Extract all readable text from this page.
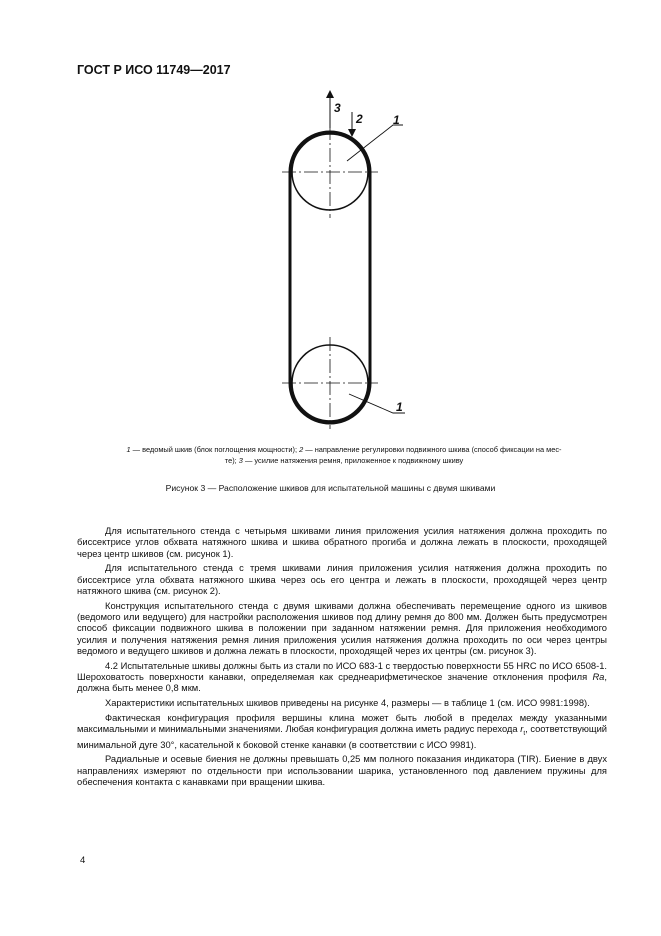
ГОСТ Р ИСО 11749—2017
3
2	1
1
1 — ведомый шкив (блок поглощения мощности); 2 — направление регулировки подвижного шкива (способ фиксации на мес-
те); 3 — усилие натяжения ремня, приложенное к подвижному шкиву
Рисунок 3 — Расположение шкивов для испытательной машины с двумя шкивами

Для испытательного стенда с четырьмя шкивами линия приложения усилия натяжения должна проходить по биссектрисе углов обхвата натяжного шкива и шкива обратного прогиба и должна лежать в плоскости, проходящей через центр шкивов (см. рисунок 1).

Для испытательного стенда с тремя шкивами линия приложения усилия натяжения должна проходить по биссектрисе угла обхвата натяжного шкива через ось его центра и лежать в плоскости, проходящей через центр натяжного шкива (см. рисунок 2).

Конструкция испытательного стенда с двумя шкивами должна обеспечивать перемещение одного из шкивов (ведомого или ведущего) для настройки расположения шкивов под длину ремня до 800 мм. Должен быть предусмотрен способ фиксации подвижного шкива в положении при заданном натяжении ремня. Для приложения необходимого усилия и получения натяжения ремня линия приложения усилия натяжения должна проходить по оси через центры ведомого и ведущего шкивов и должна лежать в плоскости, проходящей через их центры (см. рисунок 3).

4.2 Испытательные шкивы должны быть из стали по ИСО 683-1 с твердостью поверхности 55 HRC по ИСО 6508-1. Шероховатость поверхности канавки, определяемая как среднеарифметическое значение отклонения профиля Ra, должна быть менее 0,8 мкм.

Характеристики испытательных шкивов приведены на рисунке 4, размеры — в таблице 1 (см. ИСО 9981:1998).

Фактическая конфигурация профиля вершины клина может быть любой в пределах между указанными максимальными и минимальными значениями. Любая конфигурация должна иметь радиус перехода $r_t$, соответствующий минимальной дуге 30°, касательной к боковой стенке канавки (в соответствии с ИСО 9981).

Радиальные и осевые биения не должны превышать 0,25 мм полного показания индикатора (TIR). Биение в двух направлениях измеряют по отдельности при использовании шарика, установленного под давлением пружины для обеспечения контакта с канавками при вращении шкива.

4
